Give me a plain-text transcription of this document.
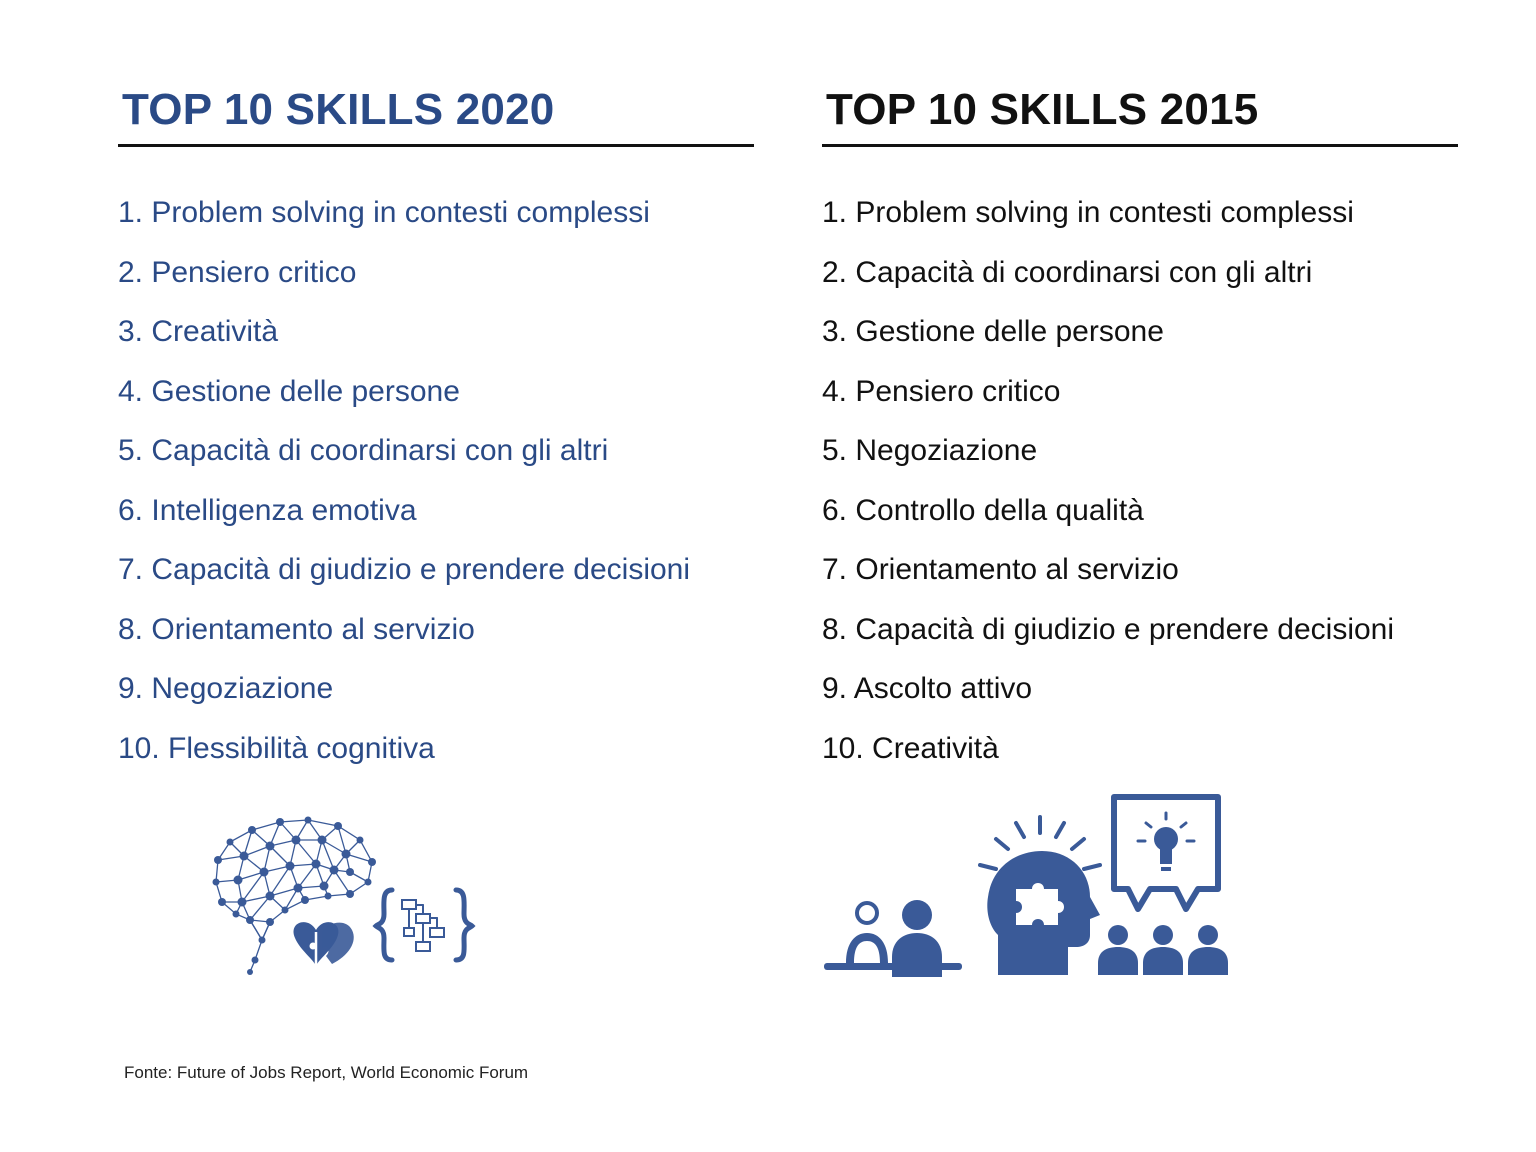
TOP 10 SKILLS 2020
1. Problem solving in contesti complessi
2. Pensiero critico
3. Creatività
4. Gestione delle persone
5. Capacità di coordinarsi con gli altri
6. Intelligenza emotiva
7. Capacità di giudizio e prendere decisioni
8. Orientamento al servizio
9. Negoziazione
10. Flessibilità cognitiva
TOP 10 SKILLS 2015
1. Problem solving in contesti complessi
2. Capacità di coordinarsi con gli altri
3. Gestione delle persone
4. Pensiero critico
5. Negoziazione
6. Controllo della qualità
7. Orientamento al servizio
8. Capacità di giudizio e prendere decisioni
9. Ascolto attivo
10. Creatività
Fonte: Future of Jobs Report, World Economic Forum
